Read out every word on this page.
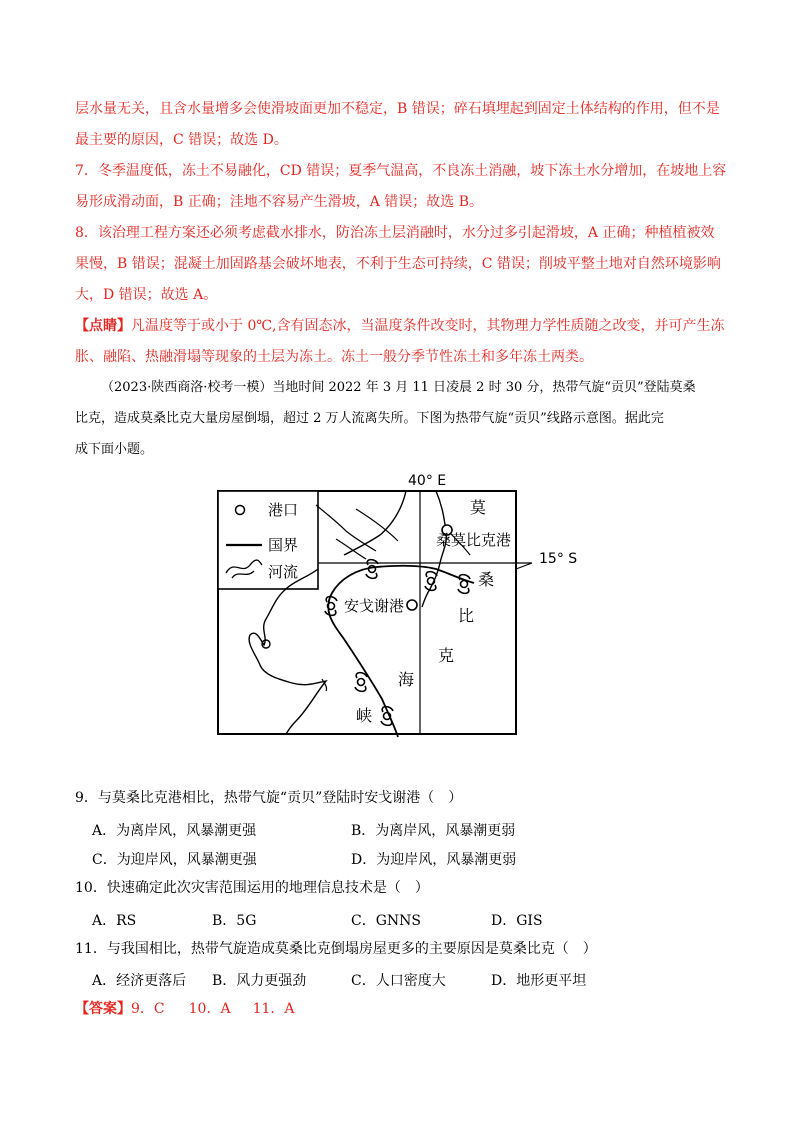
层水量无关，且含水量增多会使滑坡面更加不稳定，B 错误；碎石填埋起到固定土体结构的作用，但不是
最主要的原因，C 错误；故选 D。
7．冬季温度低，冻土不易融化，CD 错误；夏季气温高，不良冻土消融，坡下冻土水分增加，在坡地上容
易形成滑动面，B 正确；洼地不容易产生滑坡，A 错误；故选 B。
8．该治理工程方案还必须考虑截水排水，防治冻土层消融时，水分过多引起滑坡，A 正确；种植植被效
果慢，B 错误；混凝土加固路基会破坏地表，不利于生态可持续，C 错误；削坡平整土地对自然环境影响
大，D 错误；故选 A。
【点睛】凡温度等于或小于 0℃,含有固态冰，当温度条件改变时，其物理力学性质随之改变，并可产生冻
胀、融陷、热融滑塌等现象的土层为冻土。冻土一般分季节性冻土和多年冻土两类。
（2023·陕西商洛·校考一模）当地时间 2022 年 3 月 11 日凌晨 2 时 30 分，热带气旋“贡贝”登陆莫桑
比克，造成莫桑比克大量房屋倒塌，超过 2 万人流离失所。下图为热带气旋“贡贝”线路示意图。据此完
成下面小题。
40° E
15° S
港口
国界
河流
莫
桑莫比克港
桑
比
克
安戈谢港
海
峡
9．与莫桑比克港相比，热带气旋“贡贝”登陆时安戈谢港（　）
A．为离岸风，风暴潮更强	B．为离岸风，风暴潮更弱
C．为迎岸风，风暴潮更强	D．为迎岸风，风暴潮更弱
10．快速确定此次灾害范围运用的地理信息技术是（　）
A．RS	B．5G	C．GNNS	D．GIS
11．与我国相比，热带气旋造成莫桑比克倒塌房屋更多的主要原因是莫桑比克（　）
A．经济更落后 B．风力更强劲	C．人口密度大	D．地形更平坦
【答案】9．C 10．A 11．A
